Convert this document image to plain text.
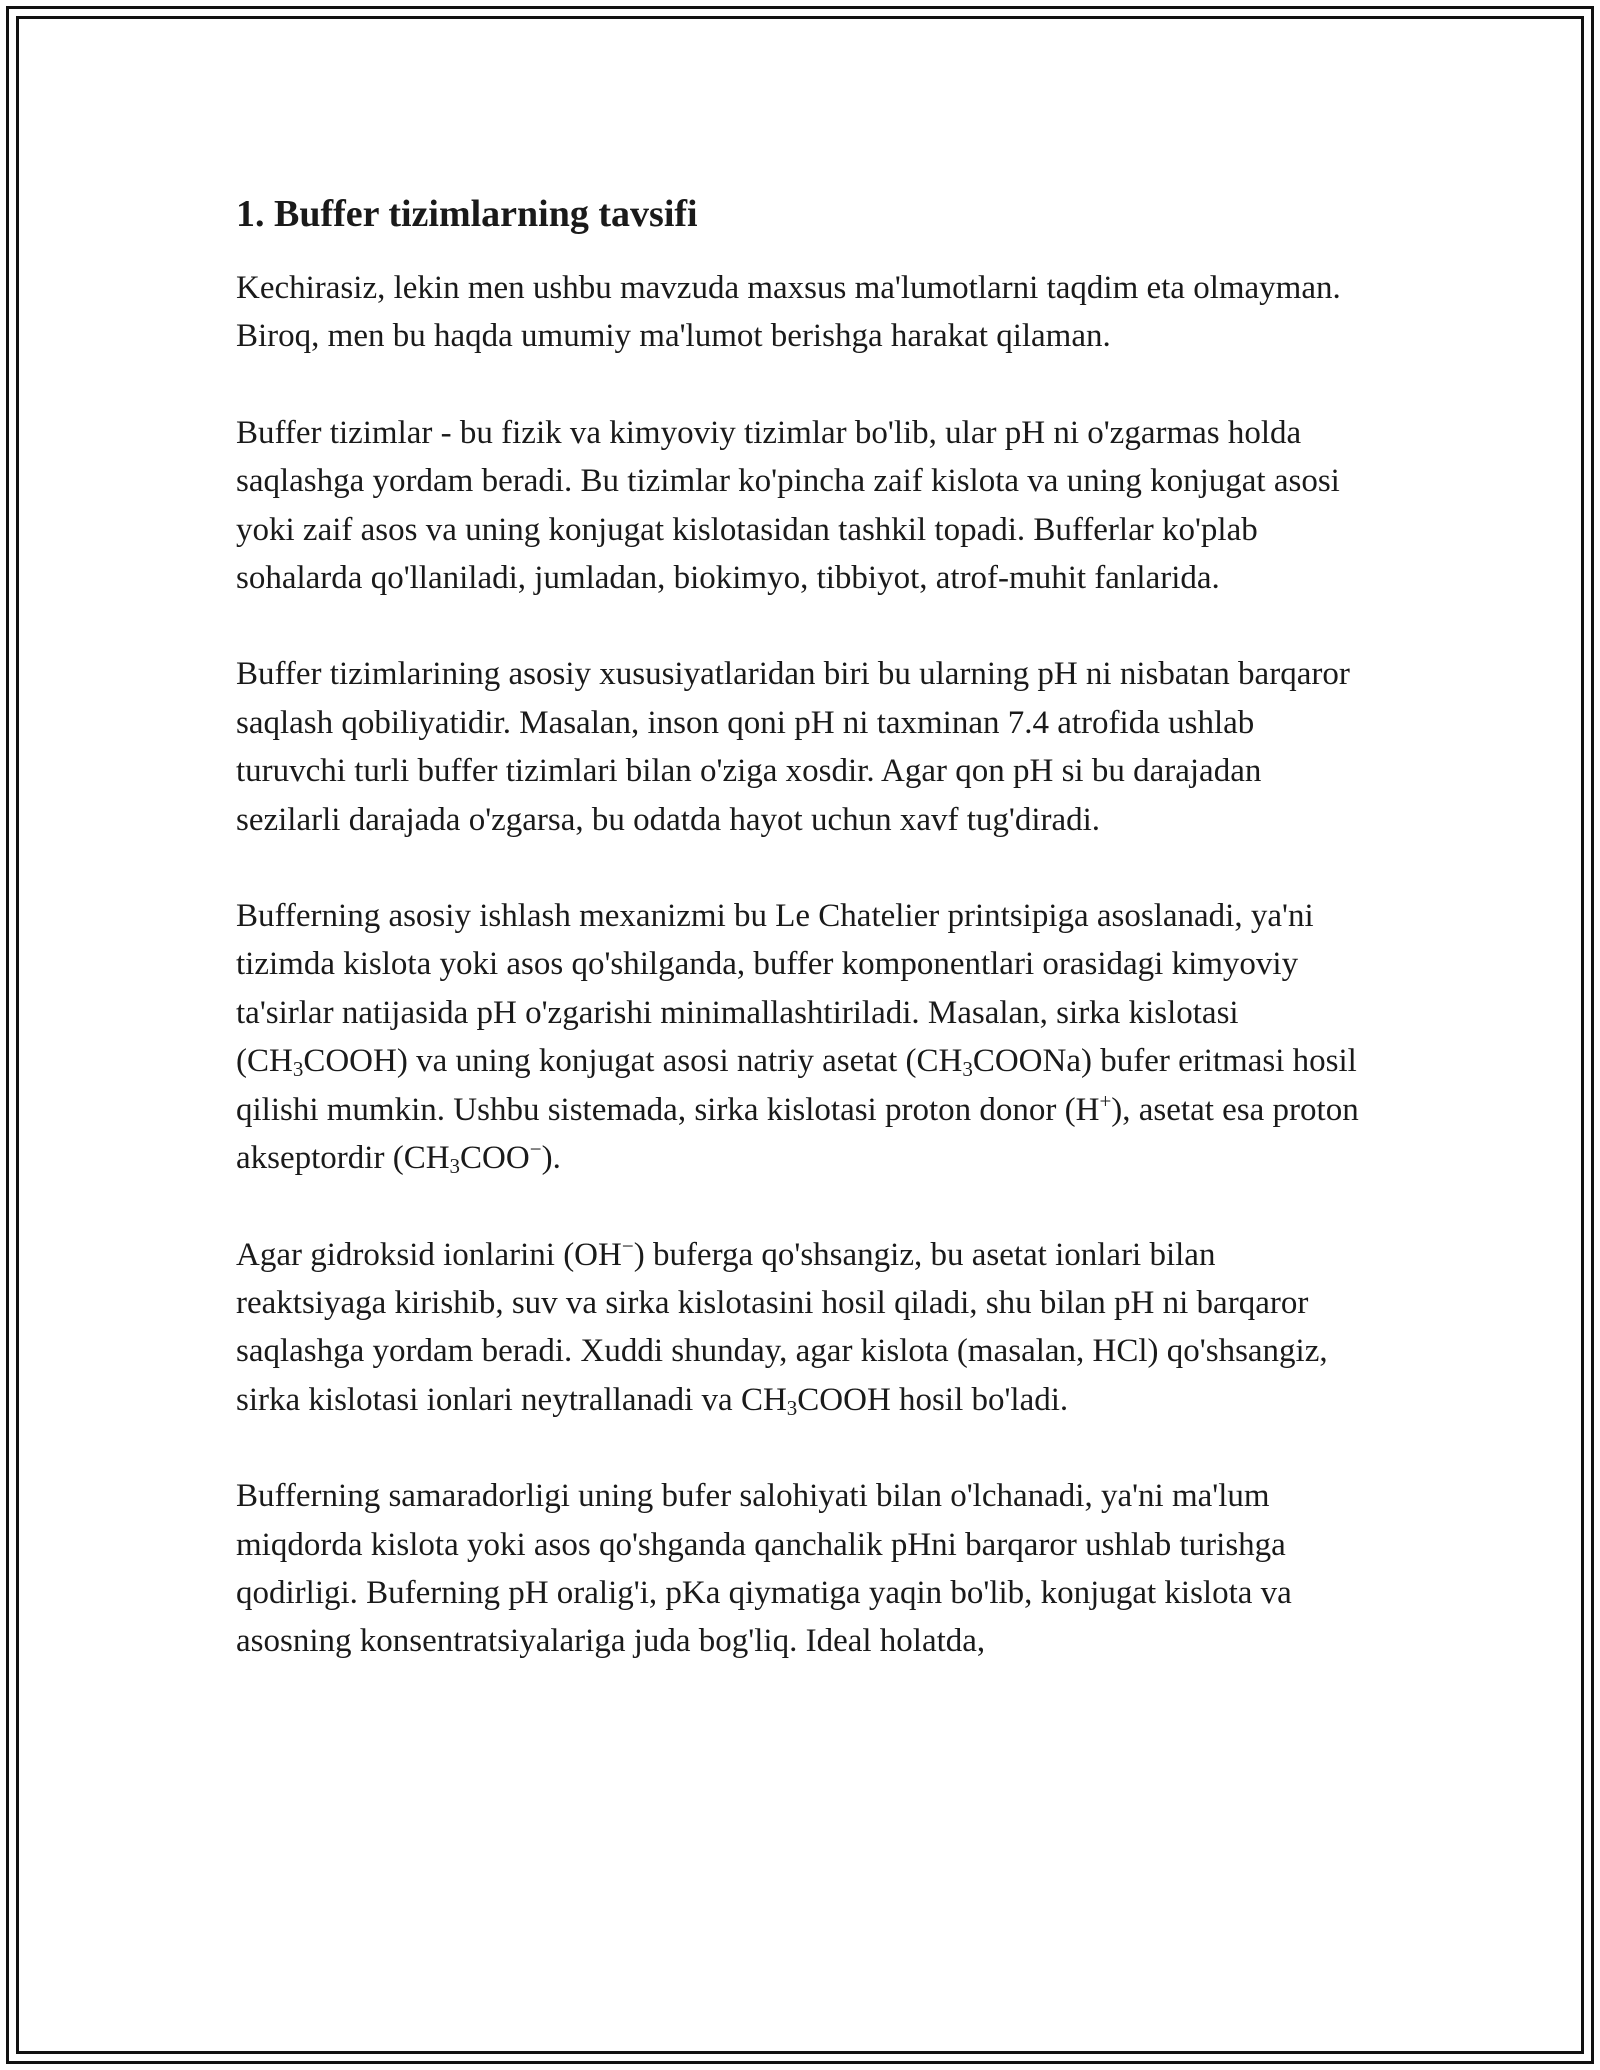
1. Buffer tizimlarning tavsifi

Kechirasiz, lekin men ushbu mavzuda maxsus ma'lumotlarni taqdim eta olmayman. Biroq, men bu haqda umumiy ma'lumot berishga harakat qilaman.

Buffer tizimlar - bu fizik va kimyoviy tizimlar bo'lib, ular pH ni o'zgarmas holda saqlashga yordam beradi. Bu tizimlar ko'pincha zaif kislota va uning konjugat asosi yoki zaif asos va uning konjugat kislotasidan tashkil topadi. Bufferlar ko'plab sohalarda qo'llaniladi, jumladan, biokimyo, tibbiyot, atrof-muhit fanlarida.

Buffer tizimlarining asosiy xususiyatlaridan biri bu ularning pH ni nisbatan barqaror saqlash qobiliyatidir. Masalan, inson qoni pH ni taxminan 7.4 atrofida ushlab turuvchi turli buffer tizimlari bilan o'ziga xosdir. Agar qon pH si bu darajadan sezilarli darajada o'zgarsa, bu odatda hayot uchun xavf tug'diradi.

Bufferning asosiy ishlash mexanizmi bu Le Chatelier printsipiga asoslanadi, ya'ni tizimda kislota yoki asos qo'shilganda, buffer komponentlari orasidagi kimyoviy ta'sirlar natijasida pH o'zgarishi minimallashtiriladi. Masalan, sirka kislotasi $(CH_3COOH)$ va uning konjugat asosi natriy asetat $(CH_3COONa)$ bufer eritmasi hosil qilishi mumkin. Ushbu sistemada, sirka kislotasi proton donor (H+), asetat esa proton akseptordir $(CH_3COO^-)$.

Agar gidroksid ionlarini (OH−) buferga qo'shsangiz, bu asetat ionlari bilan reaktsiyaga kirishib, suv va sirka kislotasini hosil qiladi, shu bilan pH ni barqaror saqlashga yordam beradi. Xuddi shunday, agar kislota (masalan, HCl) qo'shsangiz, sirka kislotasi ionlari neytrallanadi va $CH_3COOH$ hosil bo'ladi.

Bufferning samaradorligi uning bufer salohiyati bilan o'lchanadi, ya'ni ma'lum miqdorda kislota yoki asos qo'shganda qanchalik pHni barqaror ushlab turishga qodirligi. Buferning pH oralig'i, pKa qiymatiga yaqin bo'lib, konjugat kislota va asosning konsentratsiyalariga juda bog'liq. Ideal holatda,
